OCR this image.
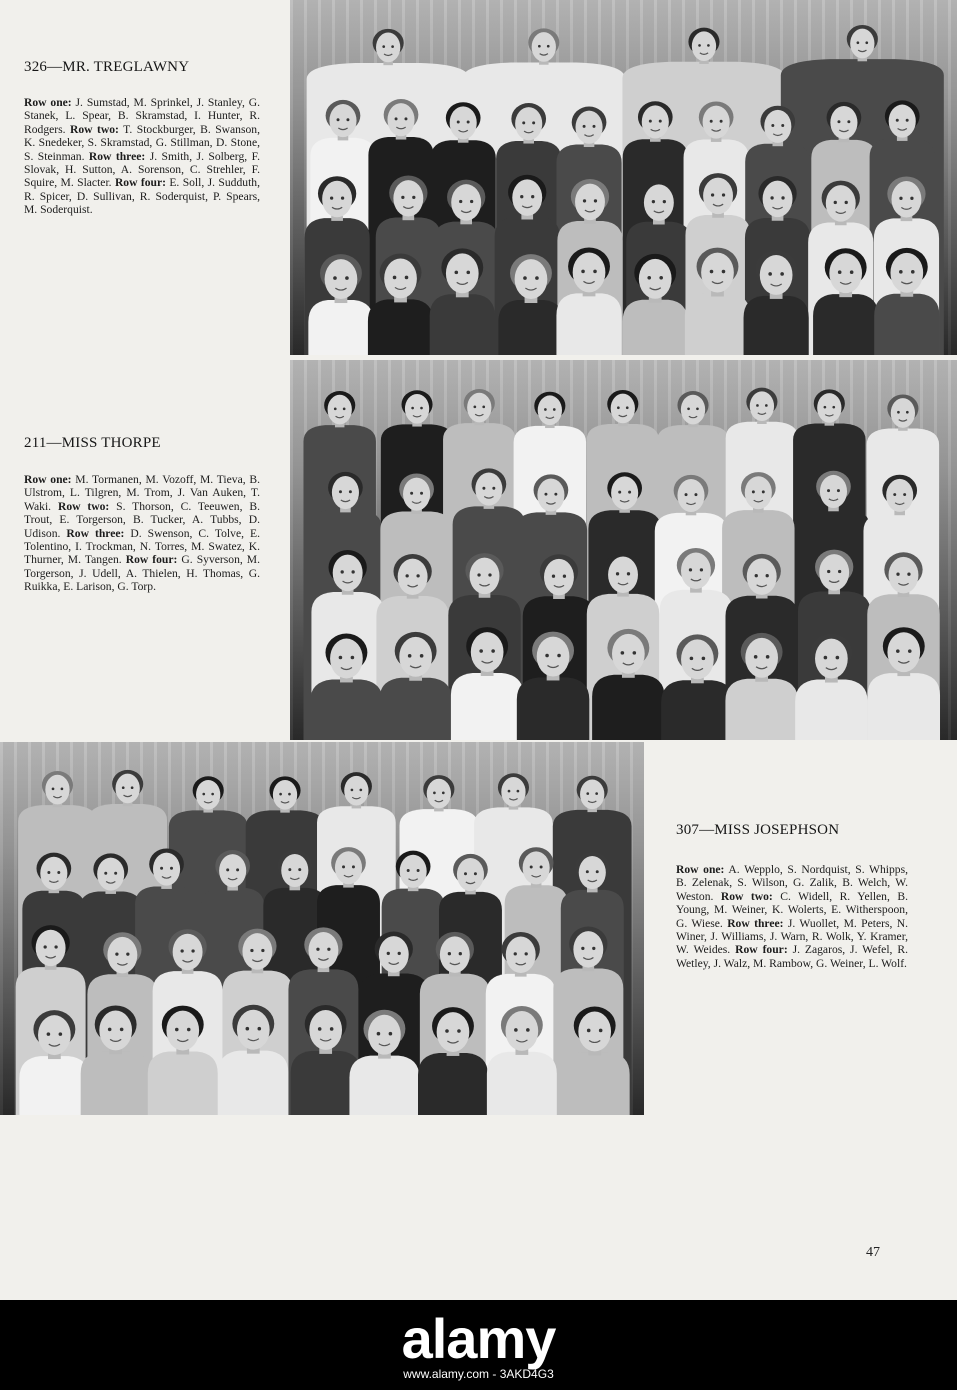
326—MR. TREGLAWNY
Row one: J. Sumstad, M. Sprinkel, J. Stanley, G. Stanek, L. Spear, B. Skramstad, I. Hunter, R. Rodgers. Row two: T. Stockburger, B. Swanson, K. Snedeker, S. Skramstad, G. Stillman, D. Stone, S. Steinman. Row three: J. Smith, J. Solberg, F. Slovak, H. Sutton, A. Sorenson, C. Strehler, F. Squire, M. Slacter. Row four: E. Soll, J. Sudduth, R. Spicer, D. Sullivan, R. Soderquist, P. Spears, M. Soderquist.
211—MISS THORPE
Row one: M. Tormanen, M. Vozoff, M. Tieva, B. Ulstrom, L. Tilgren, M. Trom, J. Van Auken, T. Waki. Row two: S. Thorson, C. Teeuwen, B. Trout, E. Torgerson, B. Tucker, A. Tubbs, D. Udison. Row three: D. Swenson, C. Tolve, E. Tolentino, I. Trockman, N. Torres, M. Swatez, K. Thurner, M. Tangen. Row four: G. Syverson, M. Torgerson, J. Udell, A. Thielen, H. Thomas, G. Ruikka, E. Larison, G. Torp.
307—MISS JOSEPHSON
Row one: A. Wepplo, S. Nordquist, S. Whipps, B. Zelenak, S. Wilson, G. Zalik, B. Welch, W. Weston. Row two: C. Widell, R. Yellen, B. Young, M. Weiner, K. Wolerts, E. Witherspoon, G. Wiese. Row three: J. Wuollet, M. Peters, N. Winer, J. Williams, J. Warn, R. Wolk, Y. Kramer, W. Weides. Row four: J. Zagaros, J. Wefel, R. Wetley, J. Walz, M. Rambow, G. Weiner, L. Wolf.
47
alamy
www.alamy.com - 3AKD4G3
